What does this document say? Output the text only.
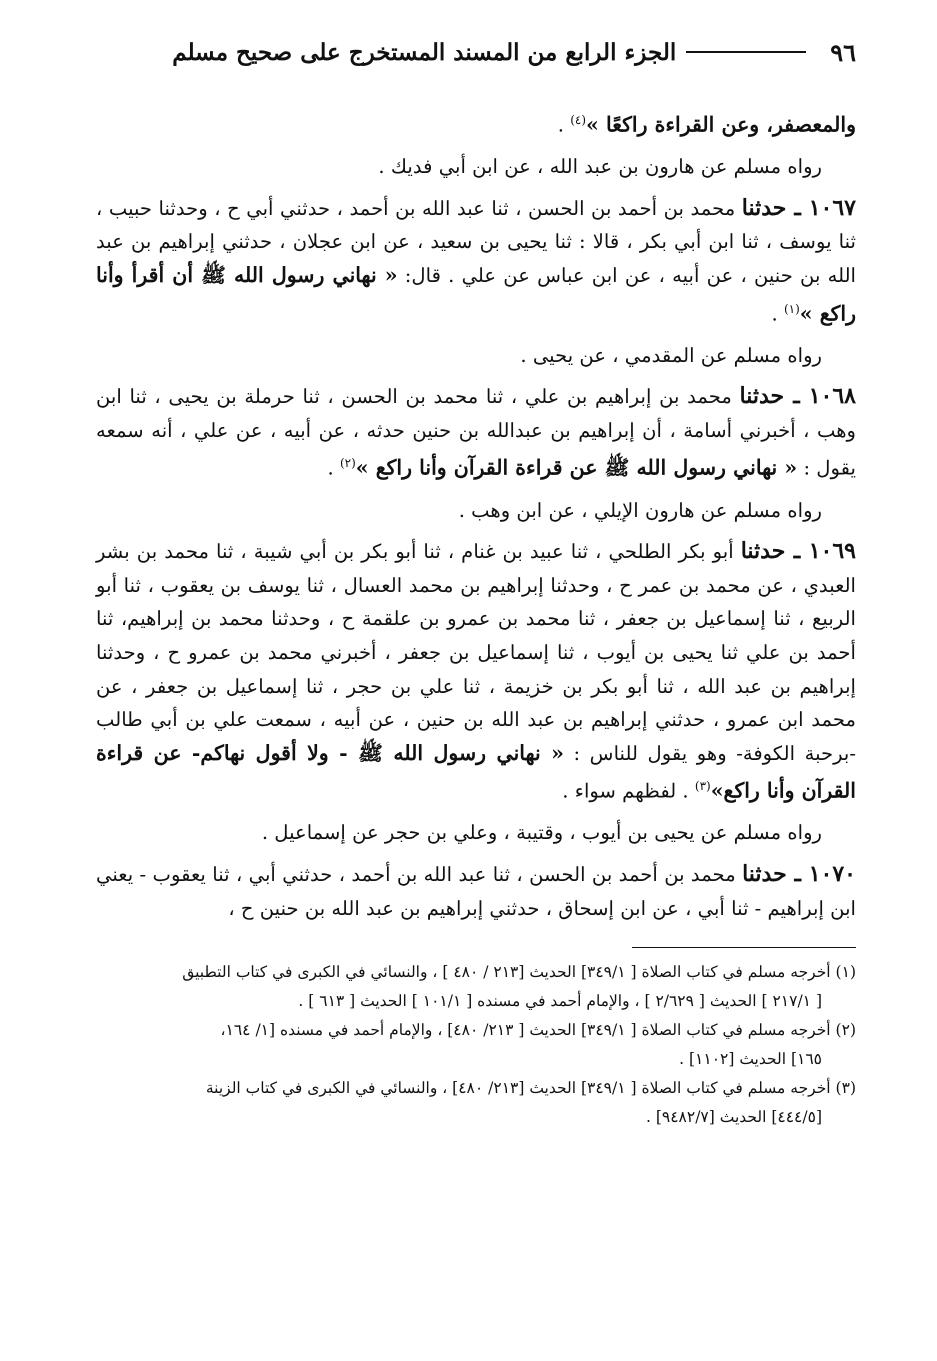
٩٦
الجزء الرابع من المسند المستخرج على صحيح مسلم

والمعصفر، وعن القراءة راكعًا »$^{(٤)}$ .

رواه مسلم عن هارون بن عبد الله ، عن ابن أبي فديك .

١٠٦٧ ـ حدثنا محمد بن أحمد بن الحسن ، ثنا عبد الله بن أحمد ، حدثني أبي ح ، وحدثنا حبيب ، ثنا يوسف ، ثنا ابن أبي بكر ، قالا : ثنا يحيى بن سعيد ، عن ابن عجلان ، حدثني إبراهيم بن عبد الله بن حنين ، عن أبيه ، عن ابن عباس عن علي . قال: « نهاني رسول الله ﷺ أن أقرأ وأنا راكع »$^{(١)}$ .

رواه مسلم عن المقدمي ، عن يحيى .

١٠٦٨ ـ حدثنا محمد بن إبراهيم بن علي ، ثنا محمد بن الحسن ، ثنا حرملة بن يحيى ، ثنا ابن وهب ، أخبرني أسامة ، أن إبراهيم بن عبدالله بن حنين حدثه ، عن أبيه ، عن علي ، أنه سمعه يقول : « نهاني رسول الله ﷺ عن قراءة القرآن وأنا راكع »$^{(٢)}$ .

رواه مسلم عن هارون الإيلي ، عن ابن وهب .

١٠٦٩ ـ حدثنا أبو بكر الطلحي ، ثنا عبيد بن غنام ، ثنا أبو بكر بن أبي شيبة ، ثنا محمد بن بشر العبدي ، عن محمد بن عمر ح ، وحدثنا إبراهيم بن محمد العسال ، ثنا يوسف بن يعقوب ، ثنا أبو الربيع ، ثنا إسماعيل بن جعفر ، ثنا محمد بن عمرو بن علقمة ح ، وحدثنا محمد بن إبراهيم، ثنا أحمد بن علي ثنا يحيى بن أيوب ، ثنا إسماعيل بن جعفر ، أخبرني محمد بن عمرو ح ، وحدثنا إبراهيم بن عبد الله ، ثنا أبو بكر بن خزيمة ، ثنا علي بن حجر ، ثنا إسماعيل بن جعفر ، عن محمد ابن عمرو ، حدثني إبراهيم بن عبد الله بن حنين ، عن أبيه ، سمعت علي بن أبي طالب -برحبة الكوفة- وهو يقول للناس : « نهاني رسول الله ﷺ - ولا أقول نهاكم- عن قراءة القرآن وأنا راكع»$^{(٣)}$ . لفظهم سواء .

رواه مسلم عن يحيى بن أيوب ، وقتيبة ، وعلي بن حجر عن إسماعيل .

١٠٧٠ ـ حدثنا محمد بن أحمد بن الحسن ، ثنا عبد الله بن أحمد ، حدثني أبي ، ثنا يعقوب - يعني ابن إبراهيم - ثنا أبي ، عن ابن إسحاق ، حدثني إبراهيم بن عبد الله بن حنين ح ،

(١) أخرجه مسلم في كتاب الصلاة [ ٣٤٩/١] الحديث [٢١٣ / ٤٨٠ ] ، والنسائي في الكبرى في كتاب التطبيق

[ ٢١٧/١ ] الحديث [ ٢/٦٢٩ ] ، والإمام أحمد في مسنده [ ١٠١/١ ] الحديث [ ٦١٣ ] .

(٢) أخرجه مسلم في كتاب الصلاة [ ٣٤٩/١] الحديث [ ٢١٣/ ٤٨٠] ، والإمام أحمد في مسنده [١/ ١٦٤،

١٦٥] الحديث [١١٠٢] .

(٣) أخرجه مسلم في كتاب الصلاة [ ٣٤٩/١] الحديث [٢١٣/ ٤٨٠] ، والنسائي في الكبرى في كتاب الزينة

[٤٤٤/٥] الحديث [٩٤٨٢/٧] .
